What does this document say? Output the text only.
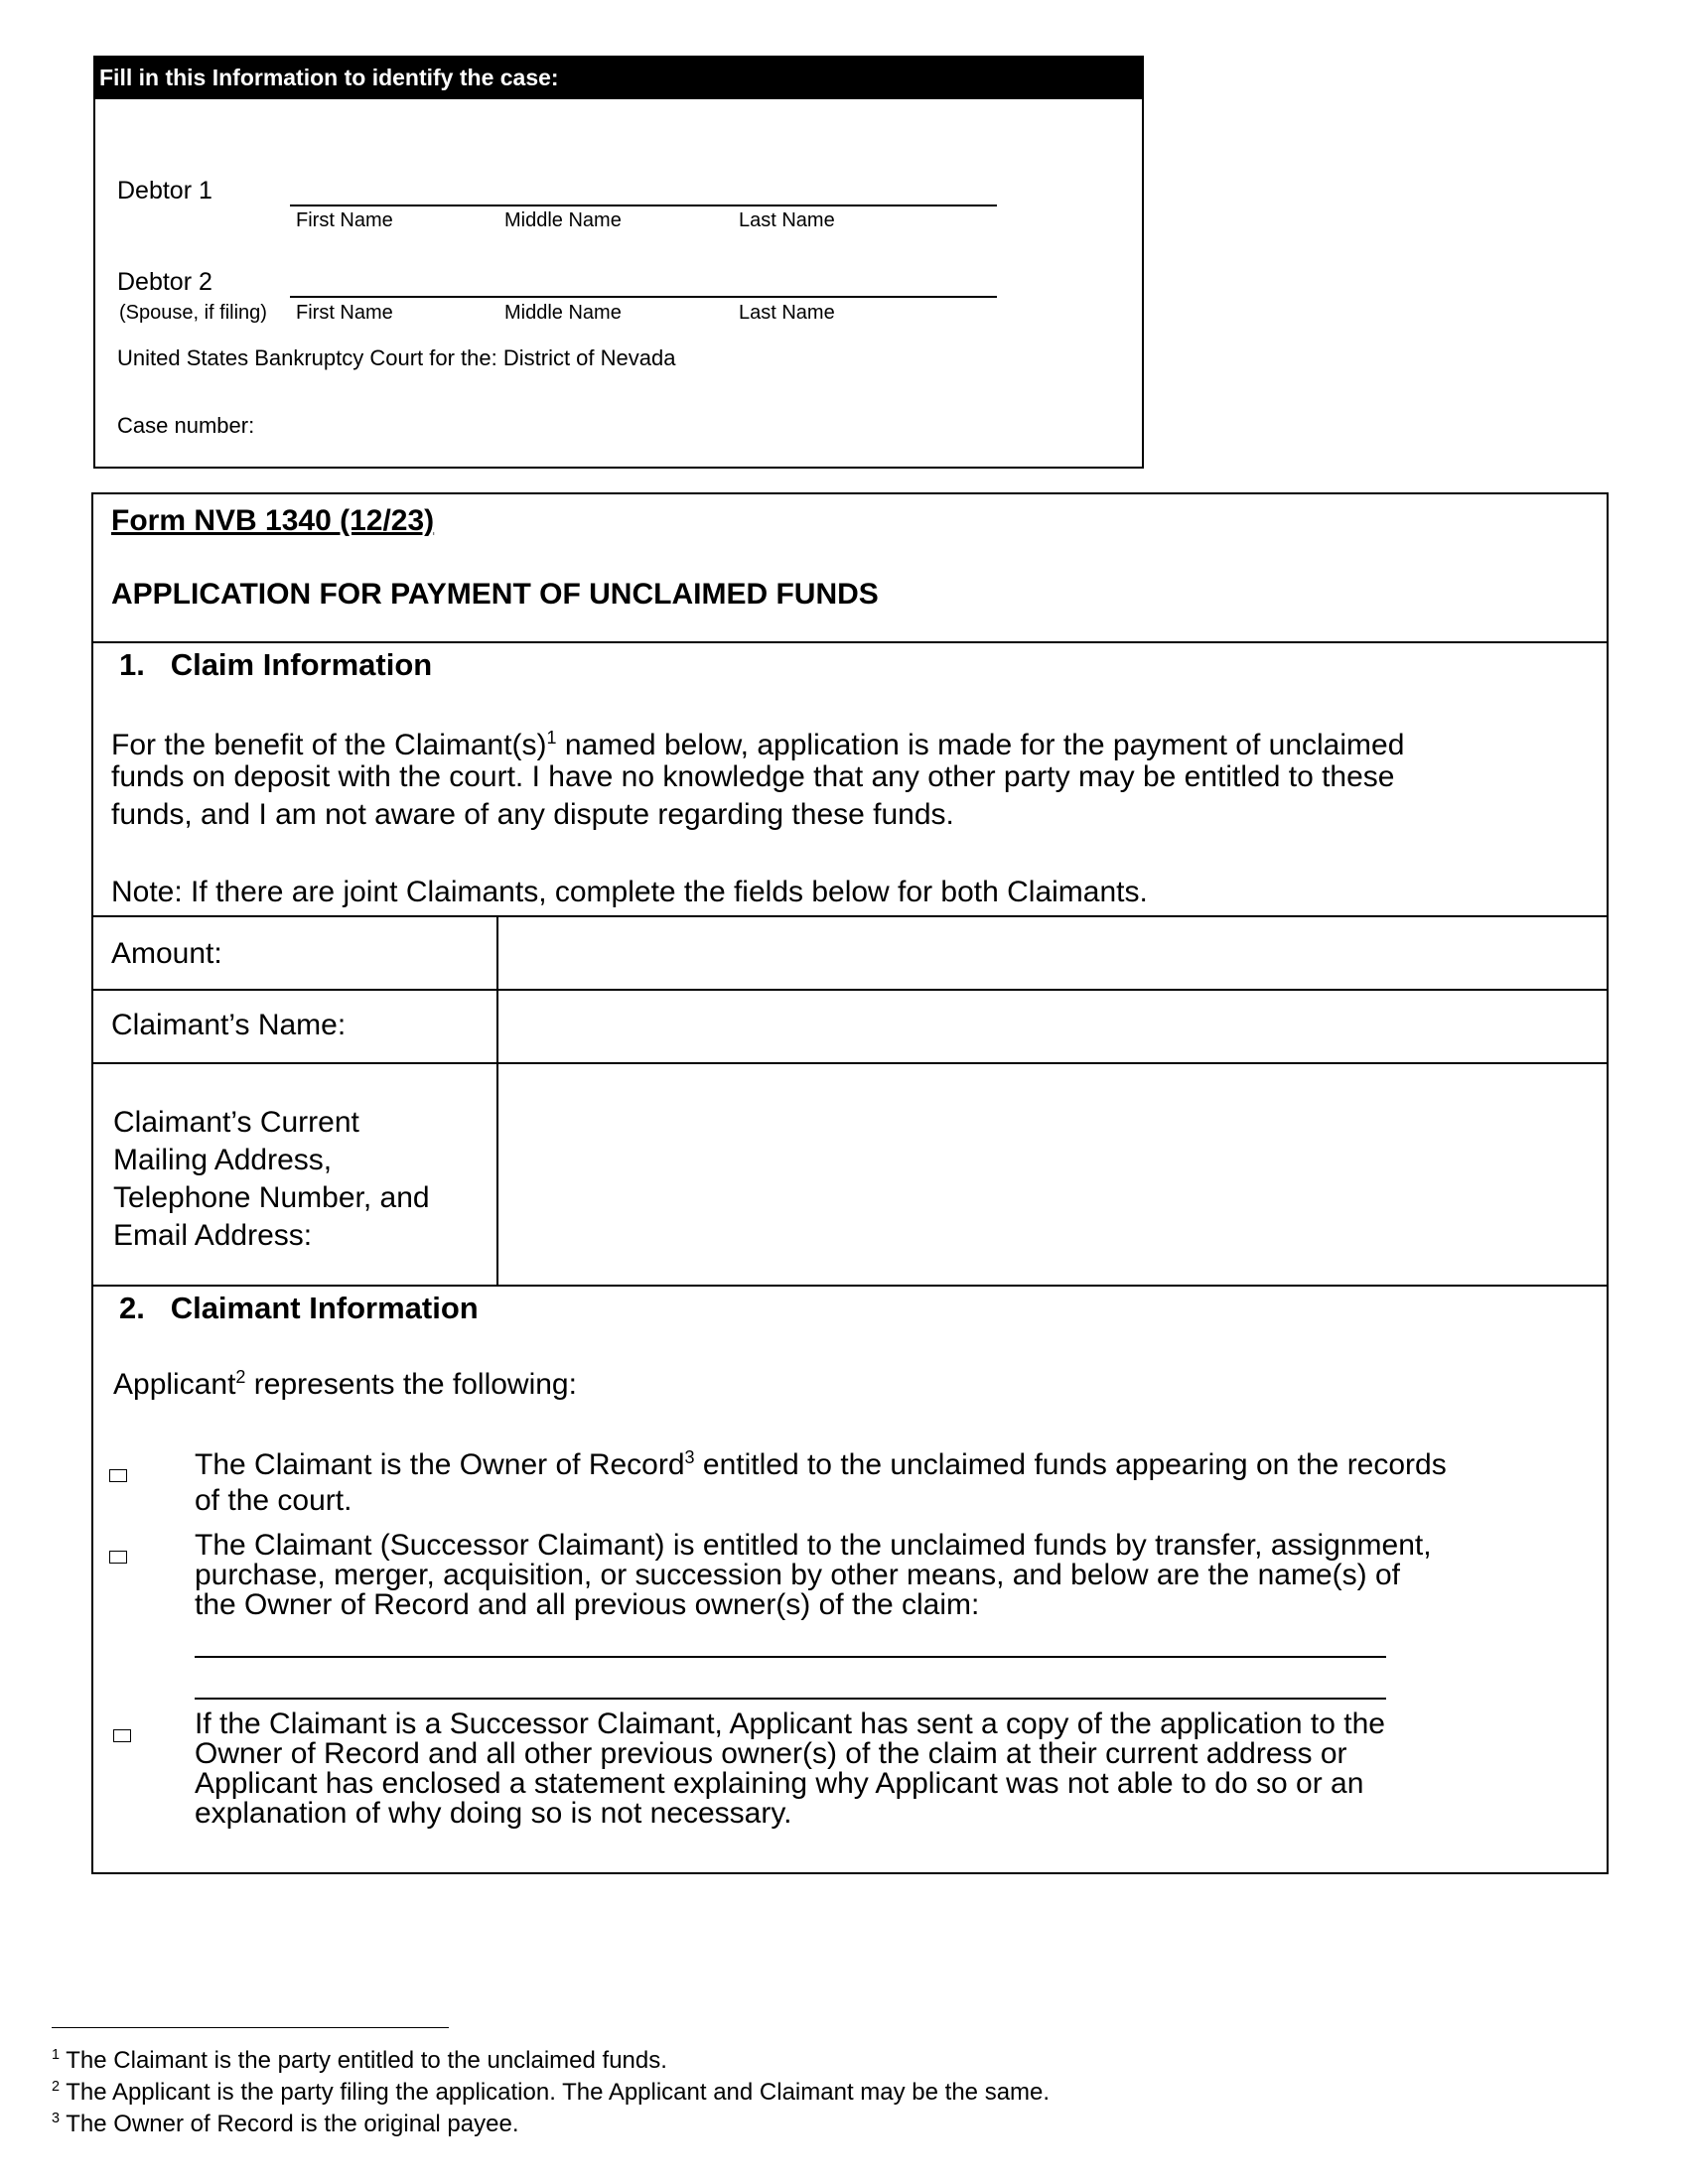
Fill in this Information to identify the case:
Debtor 1
First Name	Middle Name	Last Name
Debtor 2
(Spouse, if filing) First Name	Middle Name	Last Name
United States Bankruptcy Court for the: District of Nevada
Case number:
Form NVB 1340 (12/23)
APPLICATION FOR PAYMENT OF UNCLAIMED FUNDS
1.   Claim Information
For the benefit of the $Claimant(s)^1$ named below, application is made for the payment of unclaimed
funds on deposit with the court. I have no knowledge that any other party may be entitled to these
funds, and I am not aware of any dispute regarding these funds.
Note: If there are joint Claimants, complete the fields below for both Claimants.
Amount:
Claimant’s Name:
Claimant’s Current
Mailing Address,
Telephone Number, and
Email Address:
2.   Claimant Information
Applicant$^2$ represents the following:
The Claimant is the Owner of Record$^3$ entitled to the unclaimed funds appearing on the records
of the court.
The Claimant (Successor Claimant) is entitled to the unclaimed funds by transfer, assignment,
purchase, merger, acquisition, or succession by other means, and below are the name(s) of
the Owner of Record and all previous owner(s) of the claim:
If the Claimant is a Successor Claimant, Applicant has sent a copy of the application to the
Owner of Record and all other previous owner(s) of the claim at their current address or
Applicant has enclosed a statement explaining why Applicant was not able to do so or an
explanation of why doing so is not necessary.
$^1$ The Claimant is the party entitled to the unclaimed funds.
$^2$ The Applicant is the party filing the application. The Applicant and Claimant may be the same.
$^3$ The Owner of Record is the original payee.
